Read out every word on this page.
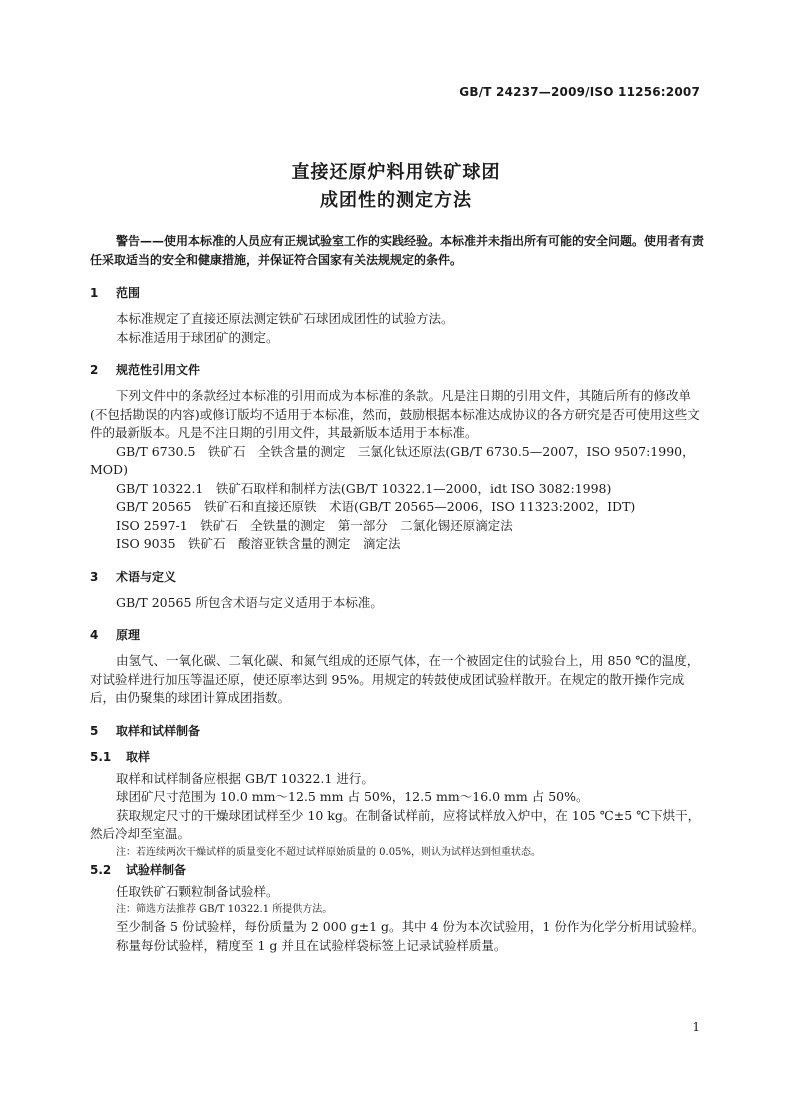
GB/T 24237—2009/ISO 11256:2007
直接还原炉料用铁矿球团
成团性的测定方法

警告——使用本标准的人员应有正规试验室工作的实践经验。本标准并未指出所有可能的安全问题。使用者有责任采取适当的安全和健康措施，并保证符合国家有关法规规定的条件。

1 范围

本标准规定了直接还原法测定铁矿石球团成团性的试验方法。

本标准适用于球团矿的测定。

2 规范性引用文件

下列文件中的条款经过本标准的引用而成为本标准的条款。凡是注日期的引用文件，其随后所有的修改单(不包括勘误的内容)或修订版均不适用于本标准，然而，鼓励根据本标准达成协议的各方研究是否可使用这些文件的最新版本。凡是不注日期的引用文件，其最新版本适用于本标准。

GB/T 6730.5　铁矿石　全铁含量的测定　三氯化钛还原法(GB/T 6730.5—2007，ISO 9507:1990，MOD)

GB/T 10322.1　铁矿石取样和制样方法(GB/T 10322.1—2000，idt ISO 3082:1998)

GB/T 20565　铁矿石和直接还原铁　术语(GB/T 20565—2006，ISO 11323:2002，IDT)

ISO 2597-1　铁矿石　全铁量的测定　第一部分　二氯化锡还原滴定法

ISO 9035　铁矿石　酸溶亚铁含量的测定　滴定法

3 术语与定义

GB/T 20565 所包含术语与定义适用于本标准。

4 原理

由氢气、一氧化碳、二氧化碳、和氮气组成的还原气体，在一个被固定住的试验台上，用 850 ℃的温度，对试验样进行加压等温还原，使还原率达到 95%。用规定的转鼓使成团试验样散开。在规定的散开操作完成后，由仍聚集的球团计算成团指数。

5 取样和试样制备
5.1 取样

取样和试样制备应根据 GB/T 10322.1 进行。

球团矿尺寸范围为 10.0 mm～12.5 mm 占 50%，12.5 mm～16.0 mm 占 50%。

获取规定尺寸的干燥球团试样至少 10 kg。在制备试样前，应将试样放入炉中，在 105 ℃±5 ℃下烘干，然后冷却至室温。

注：若连续两次干燥试样的质量变化不超过试样原始质量的 0.05%，则认为试样达到恒重状态。

5.2 试验样制备

任取铁矿石颗粒制备试验样。

注：筛选方法推荐 GB/T 10322.1 所提供方法。

至少制备 5 份试验样，每份质量为 2 000 g±1 g。其中 4 份为本次试验用，1 份作为化学分析用试验样。

称量每份试验样，精度至 1 g 并且在试验样袋标签上记录试验样质量。

1
